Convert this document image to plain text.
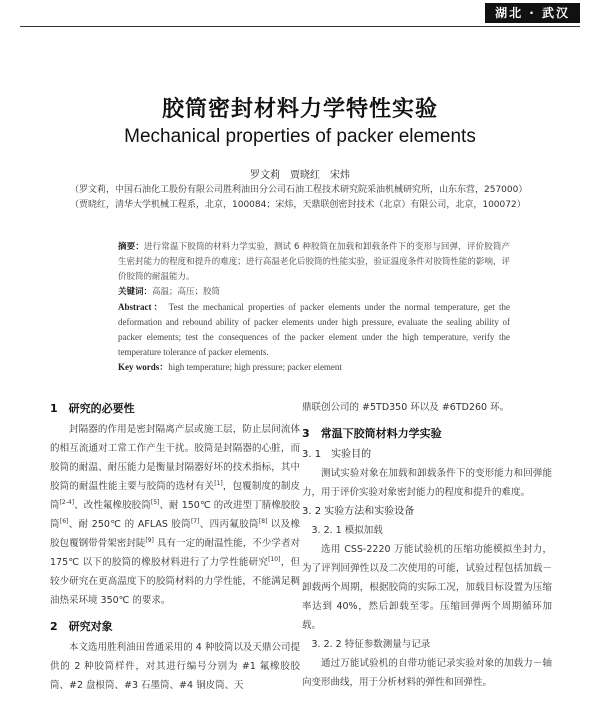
湖北 · 武汉
胶筒密封材料力学特性实验
Mechanical properties of packer elements
罗文莉　贾晓红　宋炜
（罗文莉，中国石油化工股份有限公司胜利油田分公司石油工程技术研究院采油机械研究所，山东东营，257000）
（贾晓红，清华大学机械工程系，北京，100084；宋炜，天鼎联创密封技术（北京）有限公司，北京，100072）

摘要：进行常温下胶筒的材料力学实验，测试 6 种胶筒在加载和卸载条件下的变形与回弹，评价胶筒产生密封能力的程度和提升的难度；进行高温老化后胶筒的性能实验，验证温度条件对胶筒性能的影响，评价胶筒的耐温能力。

关键词：高温；高压；胶筒

Abstract： Test the mechanical properties of packer elements under the normal temperature, get the deformation and rebound ability of packer elements under high pressure, evaluate the sealing ability of packer elements; test the consequences of the packer element under the high temperature, verify the temperature tolerance of packer elements.

Key words：high temperature; high pressure; packer element

1　研究的必要性

封隔器的作用是密封隔离产层或施工层，防止层间流体的相互流通对工常工作产生干扰。胶筒是封隔器的心脏，而胶筒的耐温、耐压能力是衡量封隔器好坏的技术指标，其中胶筒的耐温性能主要与胶筒的选材有关[1]，包覆制度的制皮筒[2-4]、改性氟橡胶胶筒[5]、耐 150℃ 的改进型丁腈橡胶胶筒[6]、耐 250℃ 的 AFLAS 胶筒[7]、四丙氟胶筒[8] 以及橡胶包覆钢带骨架密封陡[9] 具有一定的耐温性能，不少学者对 175℃ 以下的胶筒的橡胶材料进行了力学性能研究[10]，但较少研究在更高温度下的胶筒材料的力学性能，不能满足稠油热采环境 350℃ 的要求。

2　研究对象

本文选用胜利油田普通采用的 4 种胶筒以及天鼎公司提供的 2 种胶筒样件，对其进行编号分别为 #1 氟橡胶胶筒、#2 盘根筒、#3 石墨筒、#4 铜皮筒、天

鼎联创公司的 #5TD350 环以及 #6TD260 环。

3　常温下胶筒材料力学实验
3. 1　实验目的

测试实验对象在加载和卸载条件下的变形能力和回弹能力，用于评价实验对象密封能力的程度和提升的难度。

3. 2 实验方法和实验设备
3. 2. 1 模拟加载

选用 CSS-2220 万能试验机的压缩功能模拟坐封力，为了评判回弹性以及二次使用的可能，试验过程包括加载－卸载两个周期，根据胶筒的实际工况，加载目标设置为压缩率达到 40%，然后卸载至零。压缩回弹两个周期循环加载。

3. 2. 2 特征参数测量与记录

通过万能试验机的自带功能记录实验对象的加载力－轴向变形曲线，用于分析材料的弹性和回弹性。
